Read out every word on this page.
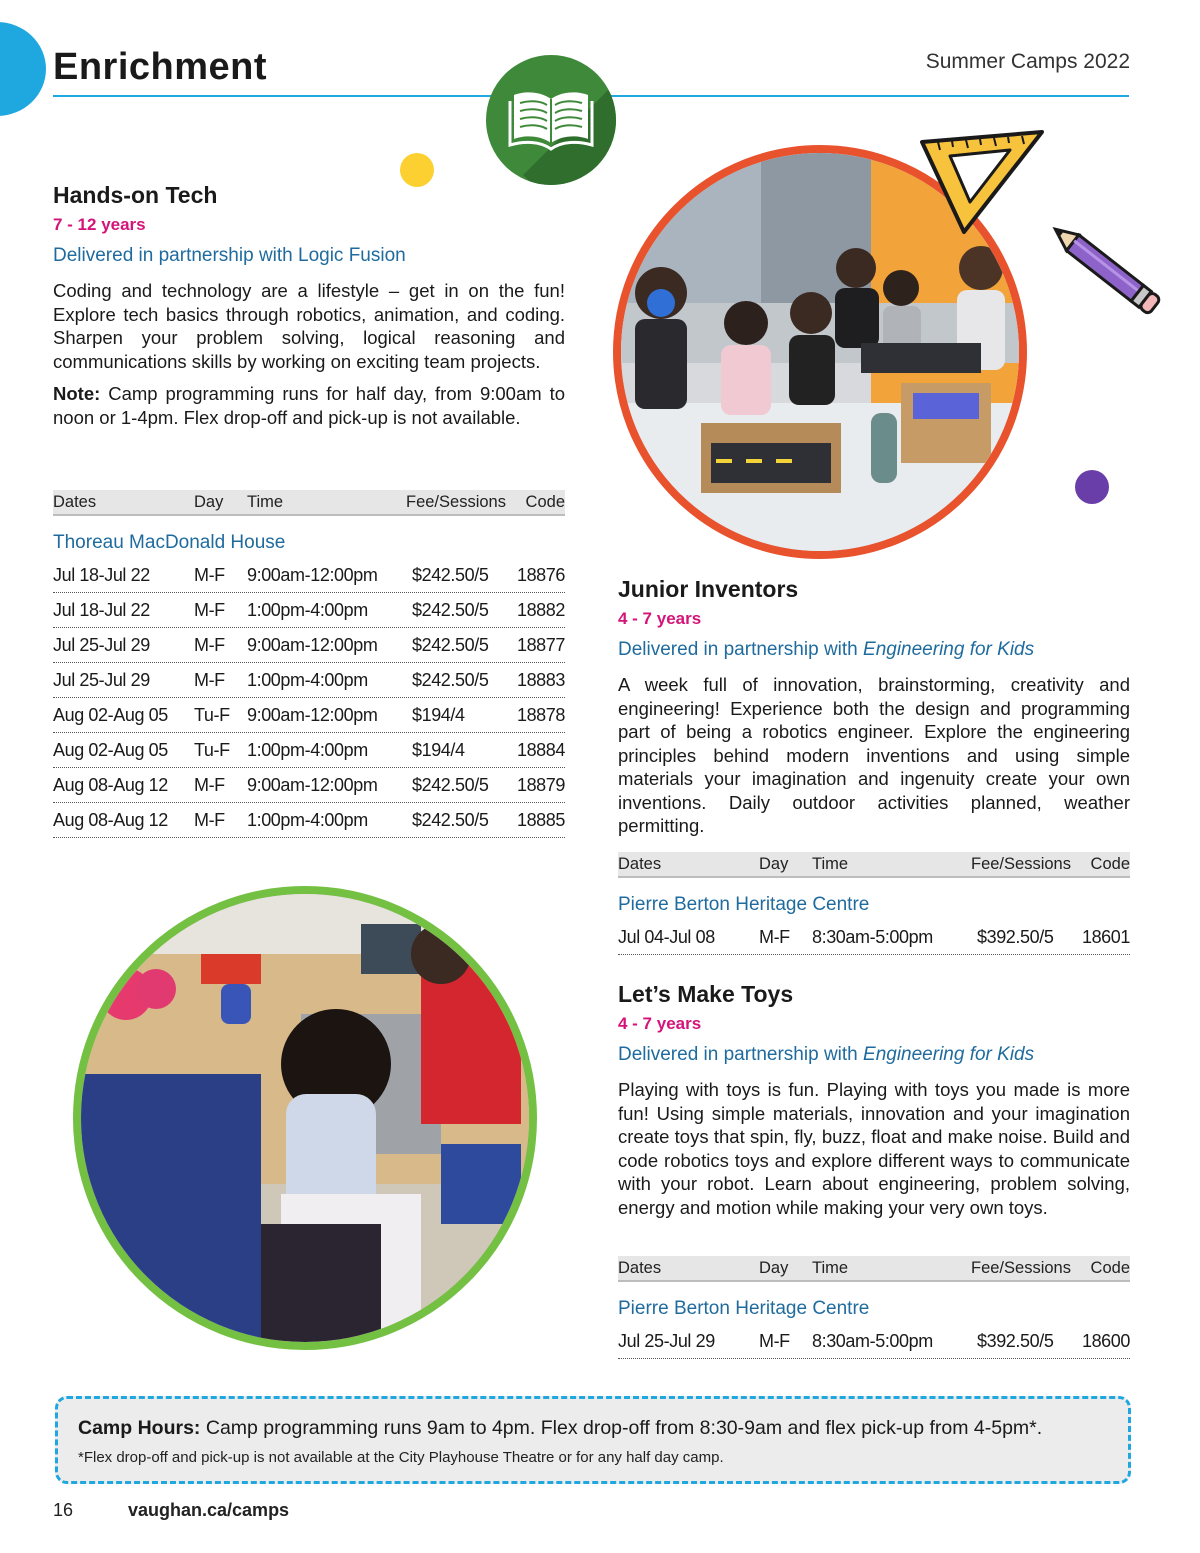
Enrichment	Summer Camps 2022
Hands-on Tech
7 - 12 years
Delivered in partnership with Logic Fusion
Coding and technology are a lifestyle – get in on the fun! Explore tech basics through robotics, animation, and coding. Sharpen your problem solving, logical reasoning and communications skills by working on exciting team projects.
Note: Camp programming runs for half day, from 9:00am to noon or 1-4pm. Flex drop-off and pick-up is not available.
Dates	Day	Time	Fee/Sessions	Code
Thoreau MacDonald House
Jul 18-Jul 22	M-F	9:00am-12:00pm	$242.50/5	18876
Jul 18-Jul 22	M-F	1:00pm-4:00pm	$242.50/5	18882
Jul 25-Jul 29	M-F	9:00am-12:00pm	$242.50/5	18877
Jul 25-Jul 29	M-F	1:00pm-4:00pm	$242.50/5	18883
Aug 02-Aug 05	Tu-F 9:00am-12:00pm	$194/4	18878
Aug 02-Aug 05	Tu-F 1:00pm-4:00pm	$194/4	18884
Aug 08-Aug 12	M-F	9:00am-12:00pm	$242.50/5	18879
Aug 08-Aug 12	M-F	1:00pm-4:00pm	$242.50/5	18885
Junior Inventors
4 - 7 years
Delivered in partnership with Engineering for Kids
A week full of innovation, brainstorming, creativity and engineering! Experience both the design and programming part of being a robotics engineer. Explore the engineering principles behind modern inventions and using simple materials your imagination and ingenuity create your own inventions. Daily outdoor activities planned, weather permitting.
Dates	Day	Time	Fee/Sessions	Code
Pierre Berton Heritage Centre
Jul 04-Jul 08	M-F	8:30am-5:00pm	$392.50/5	18601
Let’s Make Toys
4 - 7 years
Delivered in partnership with Engineering for Kids
Playing with toys is fun. Playing with toys you made is more fun! Using simple materials, innovation and your imagination create toys that spin, fly, buzz, float and make noise. Build and code robotics toys and explore different ways to communicate with your robot. Learn about engineering, problem solving, energy and motion while making your very own toys.
Dates	Day	Time	Fee/Sessions	Code
Pierre Berton Heritage Centre
Jul 25-Jul 29	M-F	8:30am-5:00pm	$392.50/5	18600
Camp Hours: Camp programming runs 9am to 4pm. Flex drop-off from 8:30-9am and flex pick-up from 4-5pm*.
*Flex drop-off and pick-up is not available at the City Playhouse Theatre or for any half day camp.
16	vaughan.ca/camps
